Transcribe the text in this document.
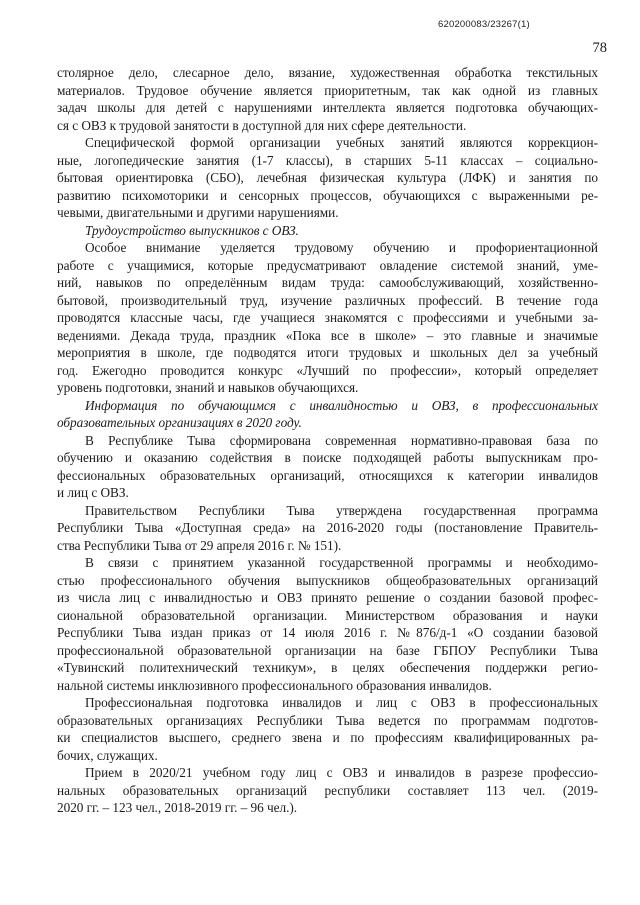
620200083/23267(1)
78

столярное дело, слесарное дело, вязание, художественная обработка текстильных
материалов. Трудовое обучение является приоритетным, так как одной из главных
задач школы для детей с нарушениями интеллекта является подготовка обучающих-
ся с ОВЗ к трудовой занятости в доступной для них сфере деятельности.

Специфической формой организации учебных занятий являются коррекцион-
ные, логопедические занятия (1-7 классы), в старших 5-11 классах – социально-
бытовая ориентировка (СБО), лечебная физическая культура (ЛФК) и занятия по
развитию психомоторики и сенсорных процессов, обучающихся с выраженными ре-
чевыми, двигательными и другими нарушениями.

Трудоустройство выпускников с ОВЗ.

Особое внимание уделяется трудовому обучению и профориентационной
работе с учащимися, которые предусматривают овладение системой знаний, уме-
ний, навыков по определённым видам труда: самообслуживающий, хозяйственно-
бытовой, производительный труд, изучение различных профессий. В течение года
проводятся классные часы, где учащиеся знакомятся с профессиями и учебными за-
ведениями. Декада труда, праздник «Пока все в школе» – это главные и значимые
мероприятия в школе, где подводятся итоги трудовых и школьных дел за учебный
год. Ежегодно проводится конкурс «Лучший по профессии», который определяет
уровень подготовки, знаний и навыков обучающихся.

Информация по обучающимся с инвалидностью и ОВЗ, в профессиональных
образовательных организациях в 2020 году.

В Республике Тыва сформирована современная нормативно-правовая база по
обучению и оказанию содействия в поиске подходящей работы выпускникам про-
фессиональных образовательных организаций, относящихся к категории инвалидов
и лиц с ОВЗ.

Правительством Республики Тыва утверждена государственная программа
Республики Тыва «Доступная среда» на 2016-2020 годы (постановление Правитель-
ства Республики Тыва от 29 апреля 2016 г. № 151).

В связи с принятием указанной государственной программы и необходимо-
стью профессионального обучения выпускников общеобразовательных организаций
из числа лиц с инвалидностью и ОВЗ принято решение о создании базовой профес-
сиональной образовательной организации. Министерством образования и науки
Республики Тыва издан приказ от 14 июля 2016 г. №876/д-1 «О создании базовой
профессиональной образовательной организации на базе ГБПОУ Республики Тыва
«Тувинский политехнический техникум», в целях обеспечения поддержки регио-
нальной системы инклюзивного профессионального образования инвалидов.

Профессиональная подготовка инвалидов и лиц с ОВЗ в профессиональных
образовательных организациях Республики Тыва ведется по программам подготов-
ки специалистов высшего, среднего звена и по профессиям квалифицированных ра-
бочих, служащих.

Прием в 2020/21 учебном году лиц с ОВЗ и инвалидов в разрезе профессио-
нальных образовательных организаций республики составляет 113 чел. (2019-
2020 гг. – 123 чел., 2018-2019 гг. – 96 чел.).
